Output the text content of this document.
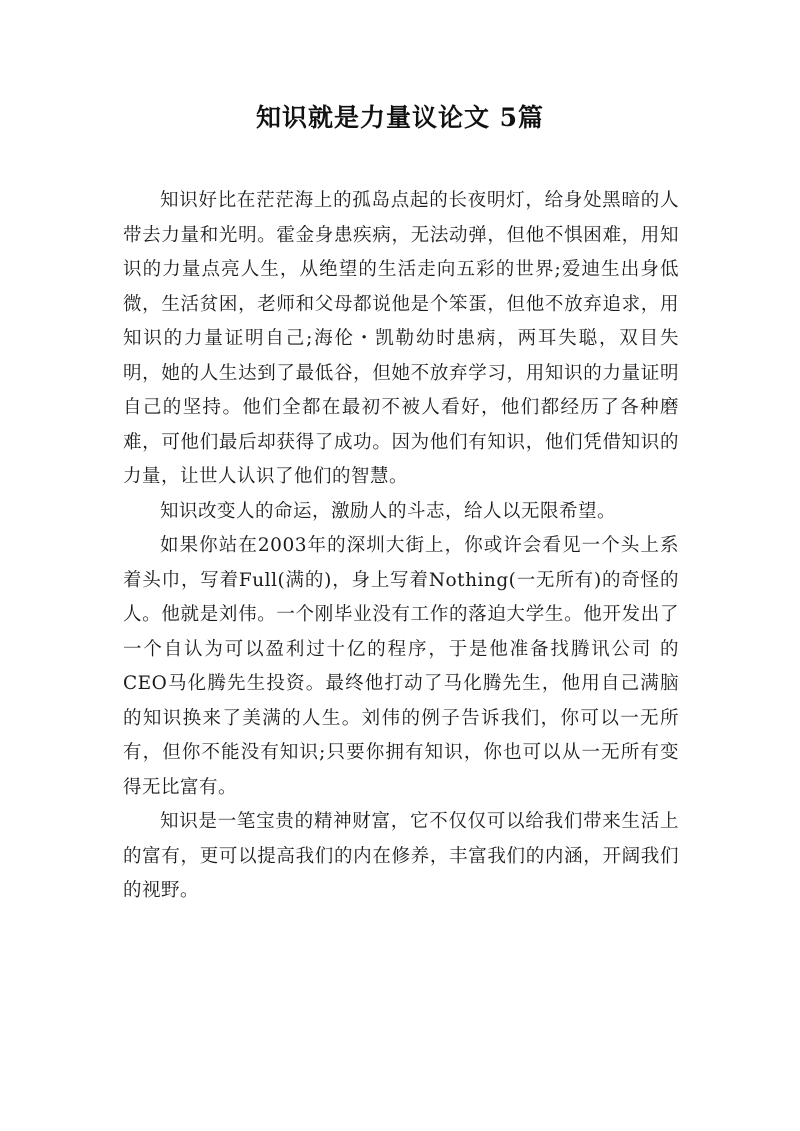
知识就是力量议论文 5篇

知识好比在茫茫海上的孤岛点起的长夜明灯，给身处黑暗的人带去力量和光明。霍金身患疾病，无法动弹，但他不惧困难，用知识的力量点亮人生，从绝望的生活走向五彩的世界;爱迪生出身低微，生活贫困，老师和父母都说他是个笨蛋，但他不放弃追求，用知识的力量证明自己;海伦・凯勒幼时患病，两耳失聪，双目失明，她的人生达到了最低谷，但她不放弃学习，用知识的力量证明自己的坚持。他们全都在最初不被人看好，他们都经历了各种磨难，可他们最后却获得了成功。因为他们有知识，他们凭借知识的力量，让世人认识了他们的智慧。

知识改变人的命运，激励人的斗志，给人以无限希望。

如果你站在2003年的深圳大街上，你或许会看见一个头上系着头巾，写着Full(满的)，身上写着Nothing(一无所有)的奇怪的人。他就是刘伟。一个刚毕业没有工作的落迫大学生。他开发出了一个自认为可以盈利过十亿的程序，于是他准备找腾讯公司 的CEO马化腾先生投资。最终他打动了马化腾先生，他用自己满脑的知识换来了美满的人生。刘伟的例子告诉我们，你可以一无所有，但你不能没有知识;只要你拥有知识，你也可以从一无所有变得无比富有。

知识是一笔宝贵的精神财富，它不仅仅可以给我们带来生活上的富有，更可以提高我们的内在修养，丰富我们的内涵，开阔我们的视野。
